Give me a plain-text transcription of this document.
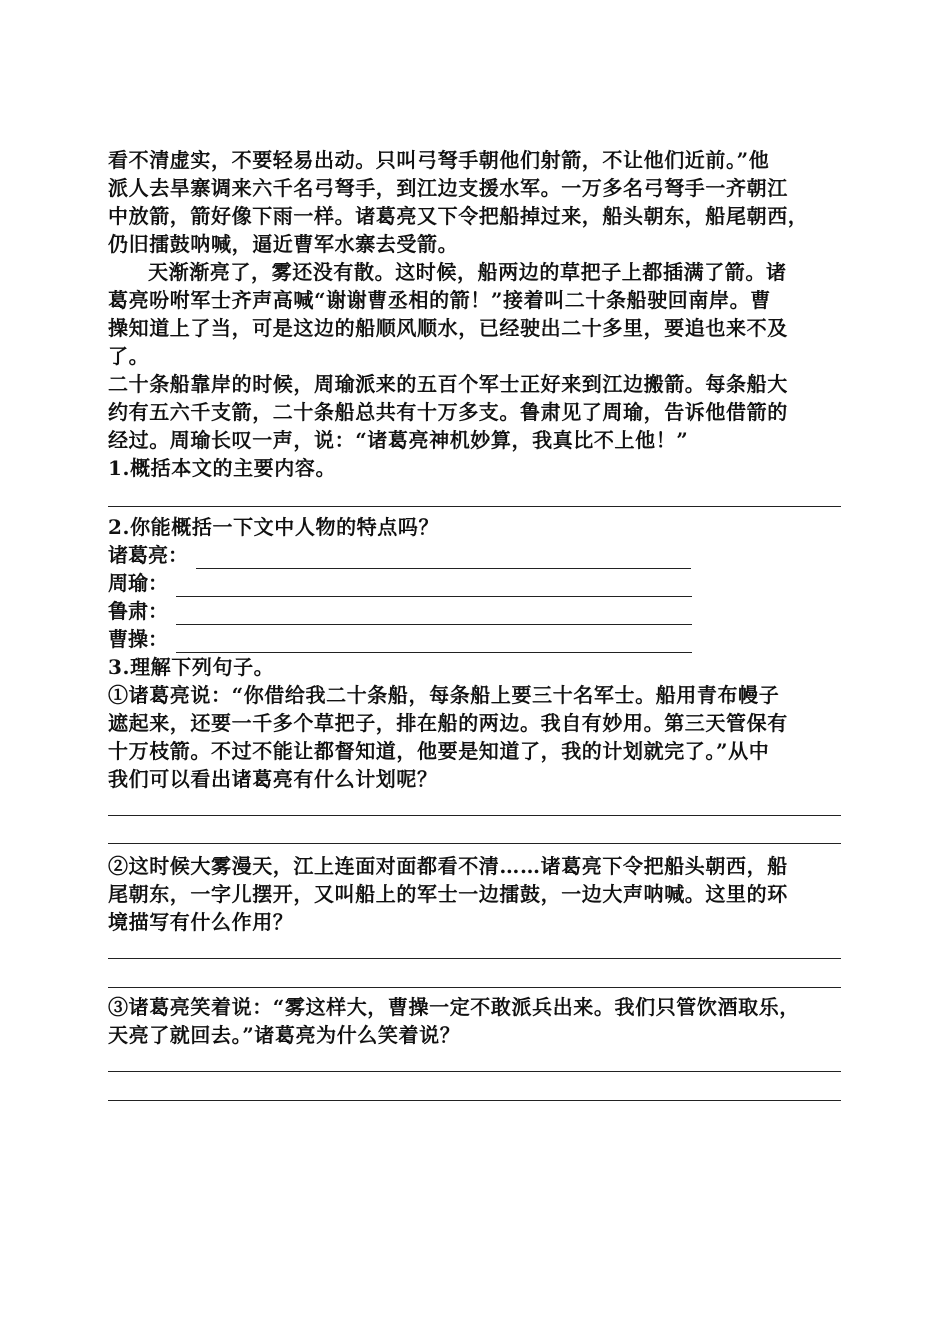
看不清虚实，不要轻易出动。只叫弓弩手朝他们射箭，不让他们近前。”他
派人去旱寨调来六千名弓弩手，到江边支援水军。一万多名弓弩手一齐朝江
中放箭，箭好像下雨一样。诸葛亮又下令把船掉过来，船头朝东，船尾朝西，
仍旧擂鼓呐喊，逼近曹军水寨去受箭。
天渐渐亮了，雾还没有散。这时候，船两边的草把子上都插满了箭。诸
葛亮吩咐军士齐声高喊“谢谢曹丞相的箭！”接着叫二十条船驶回南岸。曹
操知道上了当，可是这边的船顺风顺水，已经驶出二十多里，要追也来不及
了。
二十条船靠岸的时候，周瑜派来的五百个军士正好来到江边搬箭。每条船大
约有五六千支箭，二十条船总共有十万多支。鲁肃见了周瑜，告诉他借箭的
经过。周瑜长叹一声，说：“诸葛亮神机妙算，我真比不上他！”
1.概括本文的主要内容。
2.你能概括一下文中人物的特点吗？
诸葛亮：
周瑜：
鲁肃：
曹操：
3.理解下列句子。
①诸葛亮说：“你借给我二十条船，每条船上要三十名军士。船用青布幔子
遮起来，还要一千多个草把子，排在船的两边。我自有妙用。第三天管保有
十万枝箭。不过不能让都督知道，他要是知道了，我的计划就完了。”从中
我们可以看出诸葛亮有什么计划呢？
②这时候大雾漫天，江上连面对面都看不清……诸葛亮下令把船头朝西，船
尾朝东，一字儿摆开，又叫船上的军士一边擂鼓，一边大声呐喊。这里的环
境描写有什么作用？
③诸葛亮笑着说：“雾这样大，曹操一定不敢派兵出来。我们只管饮酒取乐，
天亮了就回去。”诸葛亮为什么笑着说？
